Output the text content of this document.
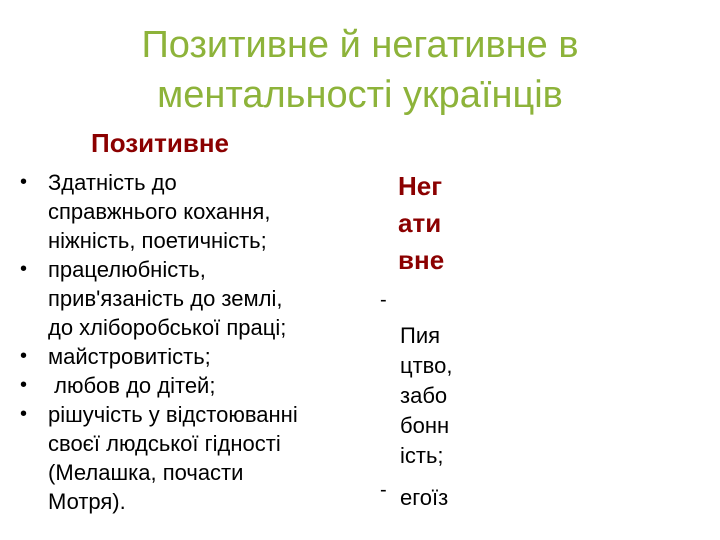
Позитивне й негативне в
ментальності українців
Позитивне
• Здатність до
справжнього кохання,
ніжність, поетичність;
• працелюбність,
прив'язаність до землі,
до хліборобської праці;
• майстровитість;
• любов до дітей;
• рішучість у відстоюванні
своєї людської гідності
(Мелашка, почасти
Мотря).
Нег
ати
вне
-
-
Пия
цтво,
забо
бонн
ість;
егоїз
